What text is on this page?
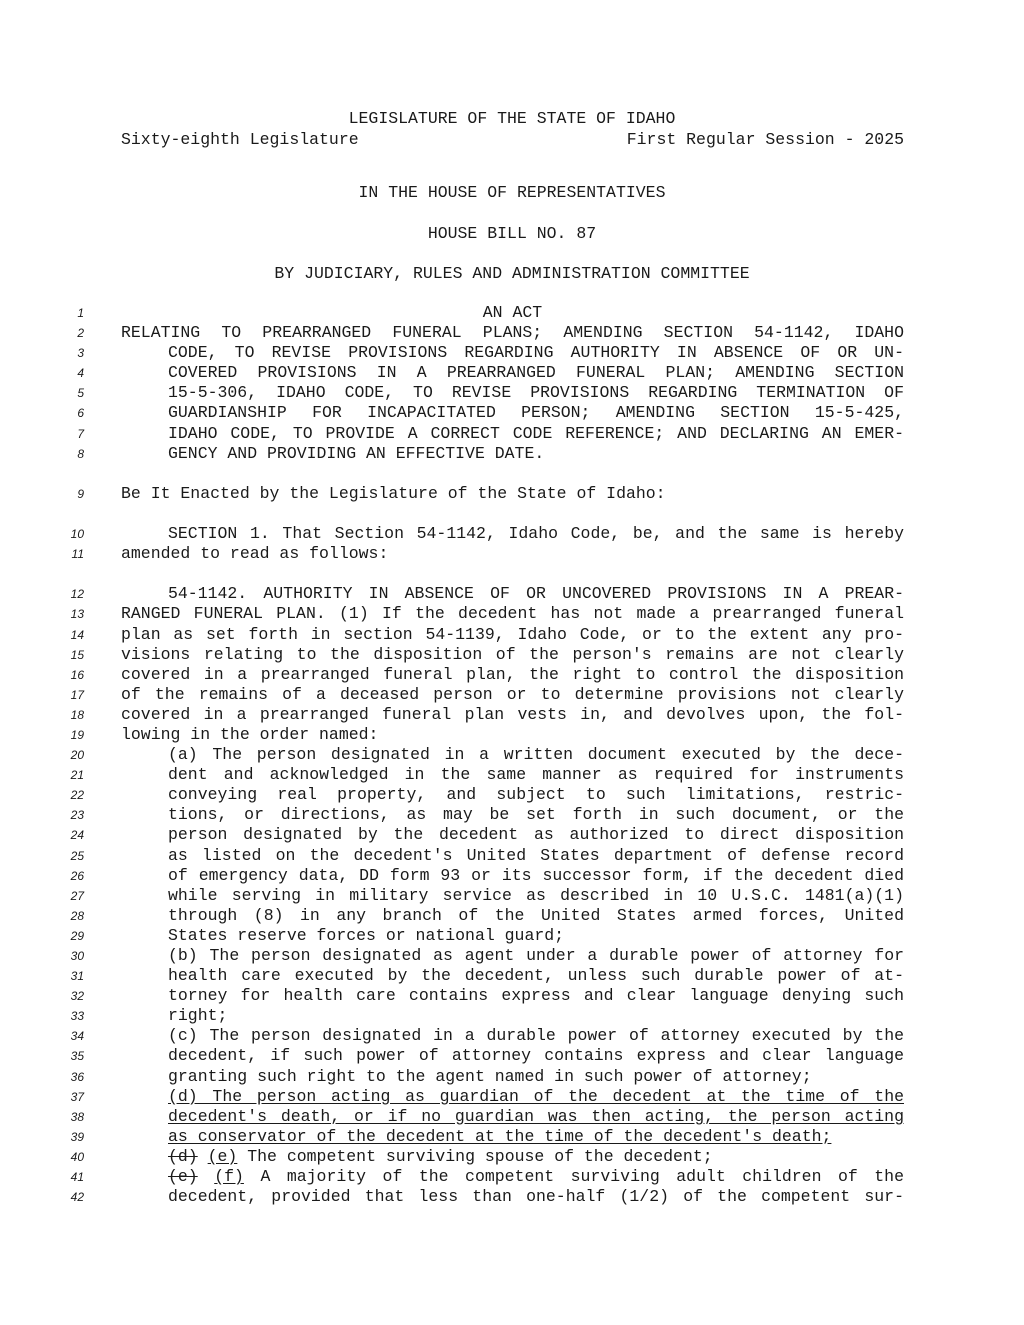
LEGISLATURE OF THE STATE OF IDAHO
Sixty-eighth Legislature	First Regular Session - 2025
IN THE HOUSE OF REPRESENTATIVES
HOUSE BILL NO. 87
BY JUDICIARY, RULES AND ADMINISTRATION COMMITTEE
1	AN ACT
2 RELATING TO PREARRANGED FUNERAL PLANS; AMENDING SECTION 54-1142, IDAHO
3	CODE, TO REVISE PROVISIONS REGARDING AUTHORITY IN ABSENCE OF OR UN-
4	COVERED PROVISIONS IN A PREARRANGED FUNERAL PLAN; AMENDING SECTION
5	15-5-306, IDAHO CODE, TO REVISE PROVISIONS REGARDING TERMINATION OF
6	GUARDIANSHIP FOR INCAPACITATED PERSON; AMENDING SECTION 15-5-425,
7	IDAHO CODE, TO PROVIDE A CORRECT CODE REFERENCE; AND DECLARING AN EMER-
8	GENCY AND PROVIDING AN EFFECTIVE DATE.
9 Be It Enacted by the Legislature of the State of Idaho:
10	SECTION 1. That Section 54-1142, Idaho Code, be, and the same is hereby
11 amended to read as follows:
12	54-1142. AUTHORITY IN ABSENCE OF OR UNCOVERED PROVISIONS IN A PREAR-
13 RANGED FUNERAL PLAN. (1) If the decedent has not made a prearranged funeral
14 plan as set forth in section 54-1139, Idaho Code, or to the extent any pro-
15 visions relating to the disposition of the person's remains are not clearly
16 covered in a prearranged funeral plan, the right to control the disposition
17 of the remains of a deceased person or to determine provisions not clearly
18 covered in a prearranged funeral plan vests in, and devolves upon, the fol-
19 lowing in the order named:
20	(a) The person designated in a written document executed by the dece-
21	dent and acknowledged in the same manner as required for instruments
22	conveying real property, and subject to such limitations, restric-
23	tions, or directions, as may be set forth in such document, or the
24	person designated by the decedent as authorized to direct disposition
25	as listed on the decedent's United States department of defense record
26	of emergency data, DD form 93 or its successor form, if the decedent died
27	while serving in military service as described in 10 U.S.C. 1481(a)(1)
28	through (8) in any branch of the United States armed forces, United
29	States reserve forces or national guard;
30	(b) The person designated as agent under a durable power of attorney for
31	health care executed by the decedent, unless such durable power of at-
32	torney for health care contains express and clear language denying such
33	right;
34	(c) The person designated in a durable power of attorney executed by the
35	decedent, if such power of attorney contains express and clear language
36	granting such right to the agent named in such power of attorney;
37	(d) The person acting as guardian of the decedent at the time of the
38	decedent's death, or if no guardian was then acting, the person acting
39	as conservator of the decedent at the time of the decedent's death;
40	(d) (e) The competent surviving spouse of the decedent;
41	(e) (f) A majority of the competent surviving adult children of the
42	decedent, provided that less than one-half (1/2) of the competent sur-
